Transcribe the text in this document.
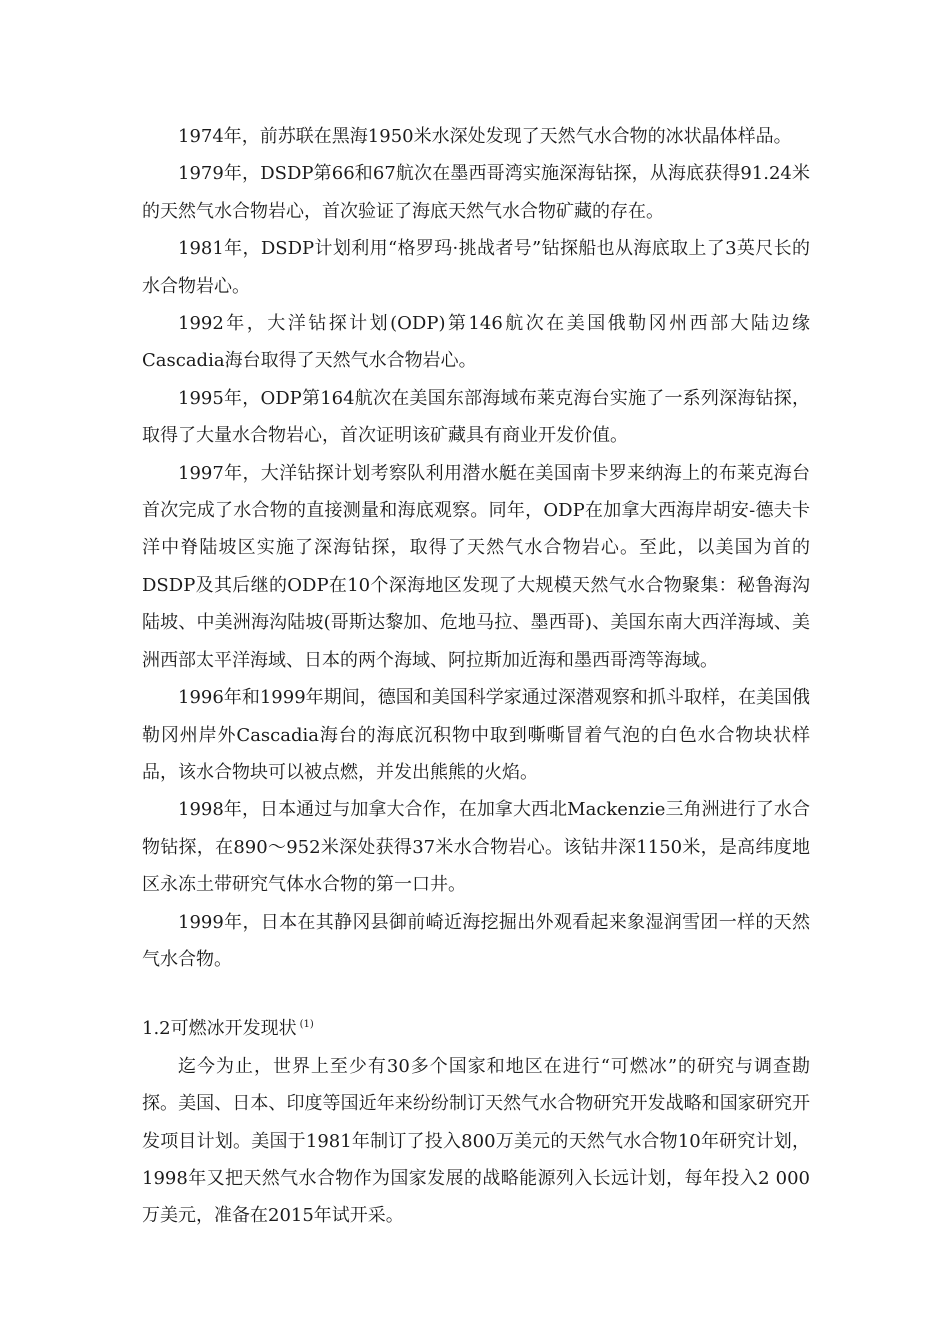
1974年，前苏联在黑海1950米水深处发现了天然气水合物的冰状晶体样品。

1979年，DSDP第66和67航次在墨西哥湾实施深海钻探，从海底获得91.24米的天然气水合物岩心，首次验证了海底天然气水合物矿藏的存在。

1981年，DSDP计划利用“格罗玛·挑战者号”钻探船也从海底取上了3英尺长的水合物岩心。

1992年，大洋钻探计划(ODP)第146航次在美国俄勒冈州西部大陆边缘Cascadia海台取得了天然气水合物岩心。

1995年，ODP第164航次在美国东部海域布莱克海台实施了一系列深海钻探，取得了大量水合物岩心，首次证明该矿藏具有商业开发价值。

1997年，大洋钻探计划考察队利用潜水艇在美国南卡罗来纳海上的布莱克海台首次完成了水合物的直接测量和海底观察。同年，ODP在加拿大西海岸胡安-德夫卡洋中脊陆坡区实施了深海钻探，取得了天然气水合物岩心。至此，以美国为首的DSDP及其后继的ODP在10个深海地区发现了大规模天然气水合物聚集：秘鲁海沟陆坡、中美洲海沟陆坡(哥斯达黎加、危地马拉、墨西哥)、美国东南大西洋海域、美洲西部太平洋海域、日本的两个海域、阿拉斯加近海和墨西哥湾等海域。

1996年和1999年期间，德国和美国科学家通过深潜观察和抓斗取样，在美国俄勒冈州岸外Cascadia海台的海底沉积物中取到嘶嘶冒着气泡的白色水合物块状样品，该水合物块可以被点燃，并发出熊熊的火焰。

1998年，日本通过与加拿大合作，在加拿大西北Mackenzie三角洲进行了水合物钻探，在890～952米深处获得37米水合物岩心。该钻井深1150米，是高纬度地区永冻土带研究气体水合物的第一口井。

1999年，日本在其静冈县御前崎近海挖掘出外观看起来象湿润雪团一样的天然气水合物。

1.2可燃冰开发现状 $^{(1)}$

迄今为止，世界上至少有30多个国家和地区在进行“可燃冰”的研究与调查勘探。美国、日本、印度等国近年来纷纷制订天然气水合物研究开发战略和国家研究开发项目计划。美国于1981年制订了投入800万美元的天然气水合物10年研究计划，1998年又把天然气水合物作为国家发展的战略能源列入长远计划，每年投入2 000万美元，准备在2015年试开采。
